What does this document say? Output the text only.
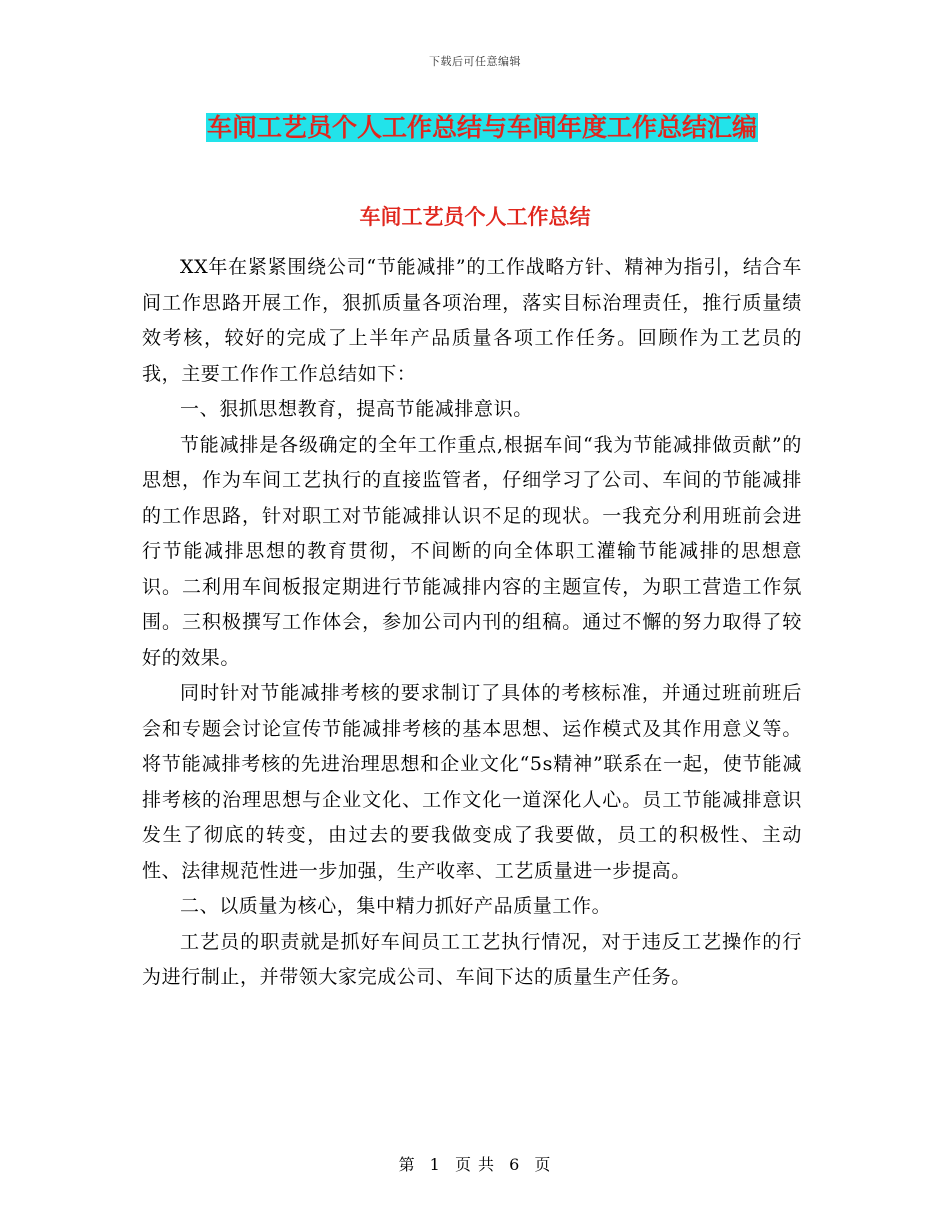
下载后可任意编辑
车间工艺员个人工作总结与车间年度工作总结汇编
车间工艺员个人工作总结

XX年在紧紧围绕公司“节能减排”的工作战略方针、精神为指引，结合车间工作思路开展工作，狠抓质量各项治理，落实目标治理责任，推行质量绩效考核，较好的完成了上半年产品质量各项工作任务。回顾作为工艺员的我，主要工作作工作总结如下：

一、狠抓思想教育，提高节能减排意识。

节能减排是各级确定的全年工作重点,根据车间“我为节能减排做贡献”的思想，作为车间工艺执行的直接监管者，仔细学习了公司、车间的节能减排的工作思路，针对职工对节能减排认识不足的现状。一我充分利用班前会进行节能减排思想的教育贯彻，不间断的向全体职工灌输节能减排的思想意识。二利用车间板报定期进行节能减排内容的主题宣传，为职工营造工作氛围。三积极撰写工作体会，参加公司内刊的组稿。通过不懈的努力取得了较好的效果。

同时针对节能减排考核的要求制订了具体的考核标准，并通过班前班后会和专题会讨论宣传节能减排考核的基本思想、运作模式及其作用意义等。将节能减排考核的先进治理思想和企业文化“5s精神”联系在一起，使节能减排考核的治理思想与企业文化、工作文化一道深化人心。员工节能减排意识发生了彻底的转变，由过去的要我做变成了我要做，员工的积极性、主动性、法律规范性进一步加强，生产收率、工艺质量进一步提高。

二、以质量为核心，集中精力抓好产品质量工作。

工艺员的职责就是抓好车间员工工艺执行情况，对于违反工艺操作的行为进行制止，并带领大家完成公司、车间下达的质量生产任务。

第 1 页 共 6 页
